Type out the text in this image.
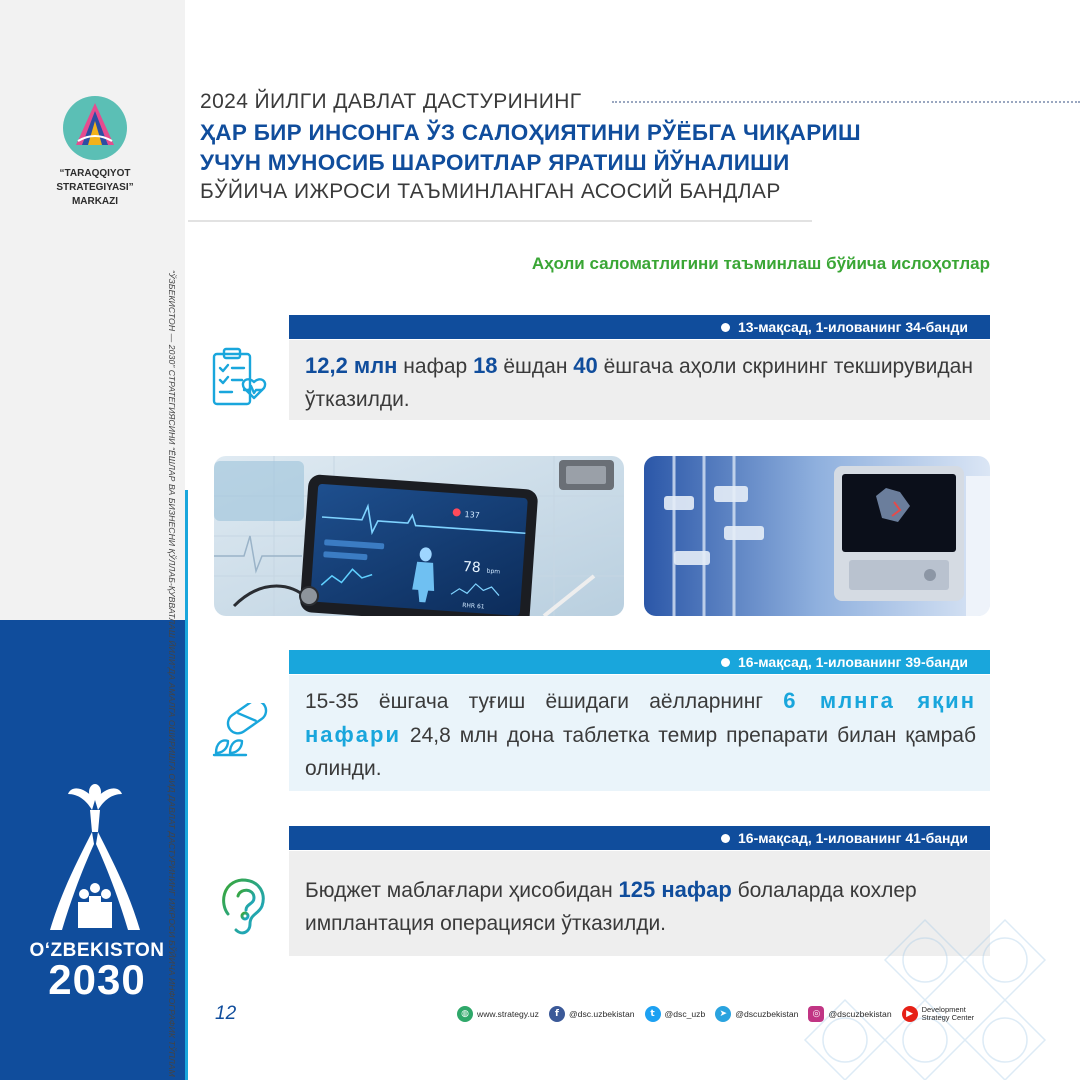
“TARAQQIYOT STRATEGIYASI”
MARKAZI
“ЎЗБЕКИСТОН — 2030” СТРАТЕГИЯСИНИ “ЁШЛАР ВА БИЗНЕСНИ ҚЎЛЛАБ-ҚУВВАТЛАШ ЙИЛИ”ДА АМАЛГА ОШИРИШГА ОИД ДАВЛАТ ДАСТУРИНИНГ ИЖРОСИ БЎЙИЧА ИНФОГРАФИК ТЎПЛАМ
O‘ZBEKISTON
2030
2024 ЙИЛГИ ДАВЛАТ ДАСТУРИНИНГ
ҲАР БИР ИНСОНГА ЎЗ САЛОҲИЯТИНИ РЎЁБГА ЧИҚАРИШ
УЧУН МУНОСИБ ШАРОИТЛАР ЯРАТИШ ЙЎНАЛИШИ
БЎЙИЧА ИЖРОСИ ТАЪМИНЛАНГАН АСОСИЙ БАНДЛАР
Аҳоли саломатлигини таъминлаш бўйича ислоҳотлар
13-мақсад, 1-илованинг 34-банди
12,2 млн нафар 18 ёшдан 40 ёшгача аҳоли скрининг текширувидан ўтказилди.
137
78 bpm
RHR 61
16-мақсад, 1-илованинг 39-банди
15-35 ёшгача туғиш ёшидаги аёлларнинг 6 млнга яқин нафари 24,8 млн дона таблетка темир препарати билан қамраб олинди.
16-мақсад, 1-илованинг 41-банди
Бюджет маблағлари ҳисобидан 125 нафар болаларда кохлер имплантация операцияси ўтказилди.
12	◍ www.strategy.uz	f	@dsc.uzbekistan	t	@dsc_uzb	➤ @dscuzbekistan	◎ @dscuzbekistan	▶	Development
Strategy Center
